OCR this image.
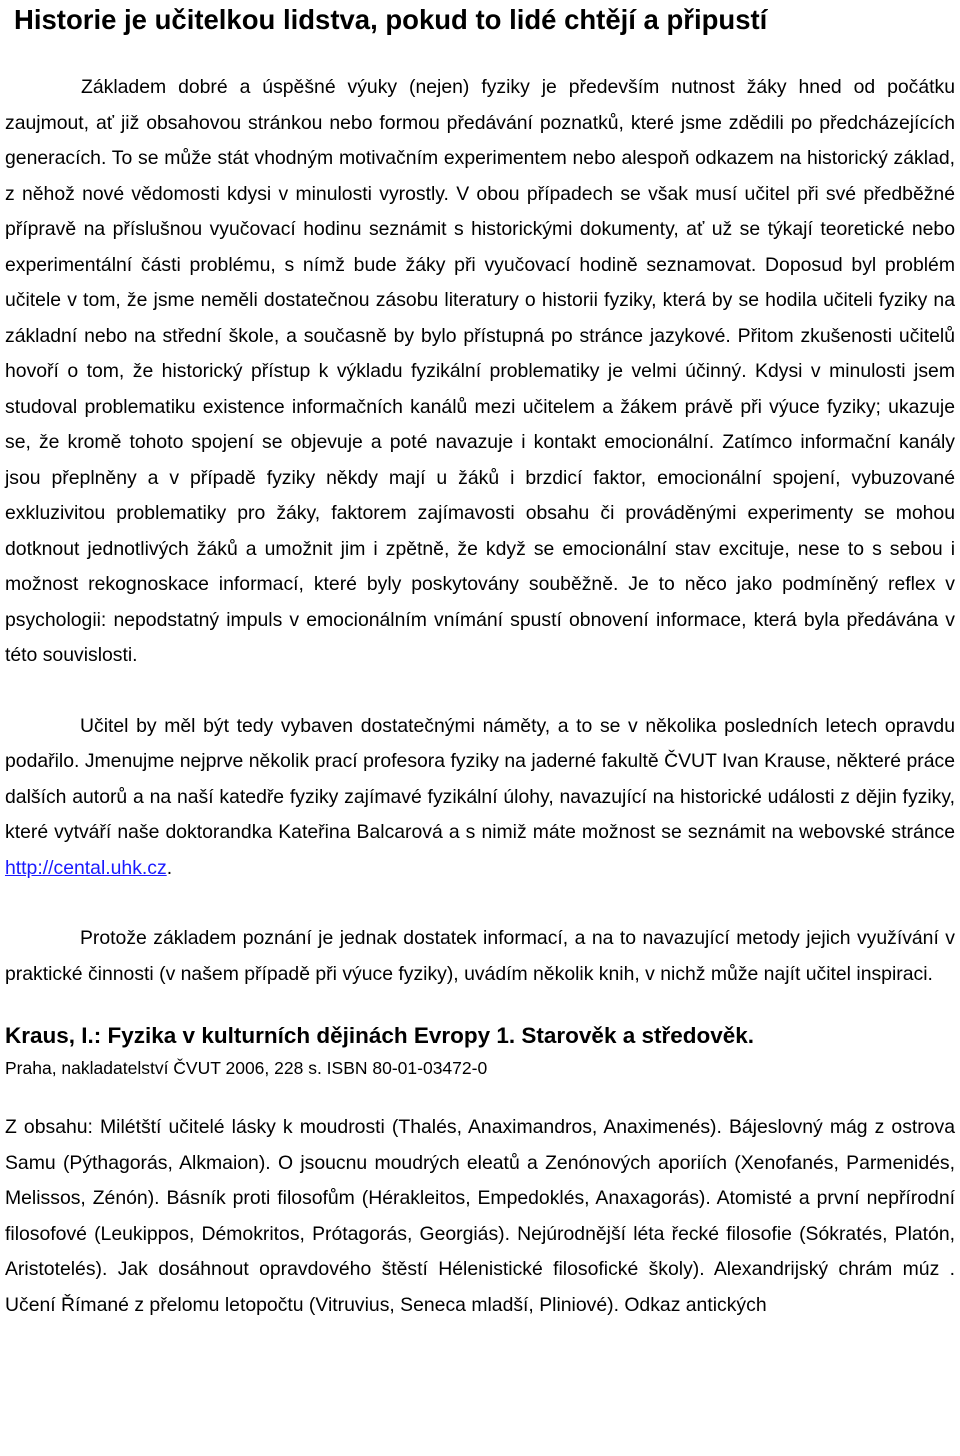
Historie je učitelkou lidstva, pokud to lidé chtějí a připustí

Základem dobré a úspěšné výuky (nejen) fyziky je především nutnost žáky hned od počátku zaujmout, ať již obsahovou stránkou nebo formou předávání poznatků, které jsme zdědili po předcházejících generacích. To se může stát vhodným motivačním experimentem nebo alespoň odkazem na historický základ, z něhož nové vědomosti kdysi v minulosti vyrostly. V obou případech se však musí učitel při své předběžné přípravě na příslušnou vyučovací hodinu seznámit s historickými dokumenty, ať už se týkají teoretické nebo experimentální části problému, s nímž bude žáky při vyučovací hodině seznamovat. Doposud byl problém učitele v tom, že jsme neměli dostatečnou zásobu literatury o historii fyziky, která by se hodila učiteli fyziky na základní nebo na střední škole, a současně by bylo přístupná po stránce jazykové. Přitom zkušenosti učitelů hovoří o tom, že historický přístup k výkladu fyzikální problematiky je velmi účinný. Kdysi v minulosti jsem studoval problematiku existence informačních kanálů mezi učitelem a žákem právě při výuce fyziky; ukazuje se, že kromě tohoto spojení se objevuje a poté navazuje i kontakt emocionální. Zatímco informační kanály jsou přeplněny a v případě fyziky někdy mají u žáků i brzdicí faktor, emocionální spojení, vybuzované exkluzivitou problematiky pro žáky, faktorem zajímavosti obsahu či prováděnými experimenty se mohou dotknout jednotlivých žáků a umožnit jim i zpětně, že když se emocionální stav excituje, nese to s sebou i možnost rekognoskace informací, které byly poskytovány souběžně. Je to něco jako podmíněný reflex v psychologii: nepodstatný impuls v emocionálním vnímání spustí obnovení informace, která byla předávána v této souvislosti.

Učitel by měl být tedy vybaven dostatečnými náměty, a to se v několika posledních letech opravdu podařilo. Jmenujme nejprve několik prací profesora fyziky na jaderné fakultě ČVUT Ivan Krause, některé práce dalších autorů a na naší katedře fyziky zajímavé fyzikální úlohy, navazující na historické události z dějin fyziky, které vytváří naše doktorandka Kateřina Balcarová a s nimiž máte možnost se seznámit na webovské stránce http://cental.uhk.cz.

Protože základem poznání je jednak dostatek informací, a na to navazující metody jejich využívání v praktické činnosti (v našem případě při výuce fyziky), uvádím několik knih, v nichž může najít učitel inspiraci.

Kraus, I.: Fyzika v kulturních dějinách Evropy 1. Starověk a středověk.
Praha, nakladatelství ČVUT 2006, 228 s. ISBN 80-01-03472-0

Z obsahu: Milétští učitelé lásky k moudrosti (Thalés, Anaximandros, Anaximenés). Bájeslovný mág z ostrova Samu (Pýthagorás, Alkmaion). O jsoucnu moudrých eleatů a Zenónových aporiích (Xenofanés, Parmenidés, Melissos, Zénón). Básník proti filosofům (Hérakleitos, Empedoklés, Anaxagorás). Atomisté a první nepřírodní filosofové (Leukippos, Démokritos, Prótagorás, Georgiás). Nejúrodnější léta řecké filosofie (Sókratés, Platón, Aristotelés). Jak dosáhnout opravdového štěstí Hélenistické filosofické školy). Alexandrijský chrám múz . Učení Římané z přelomu letopočtu (Vitruvius, Seneca mladší, Pliniové). Odkaz antických
